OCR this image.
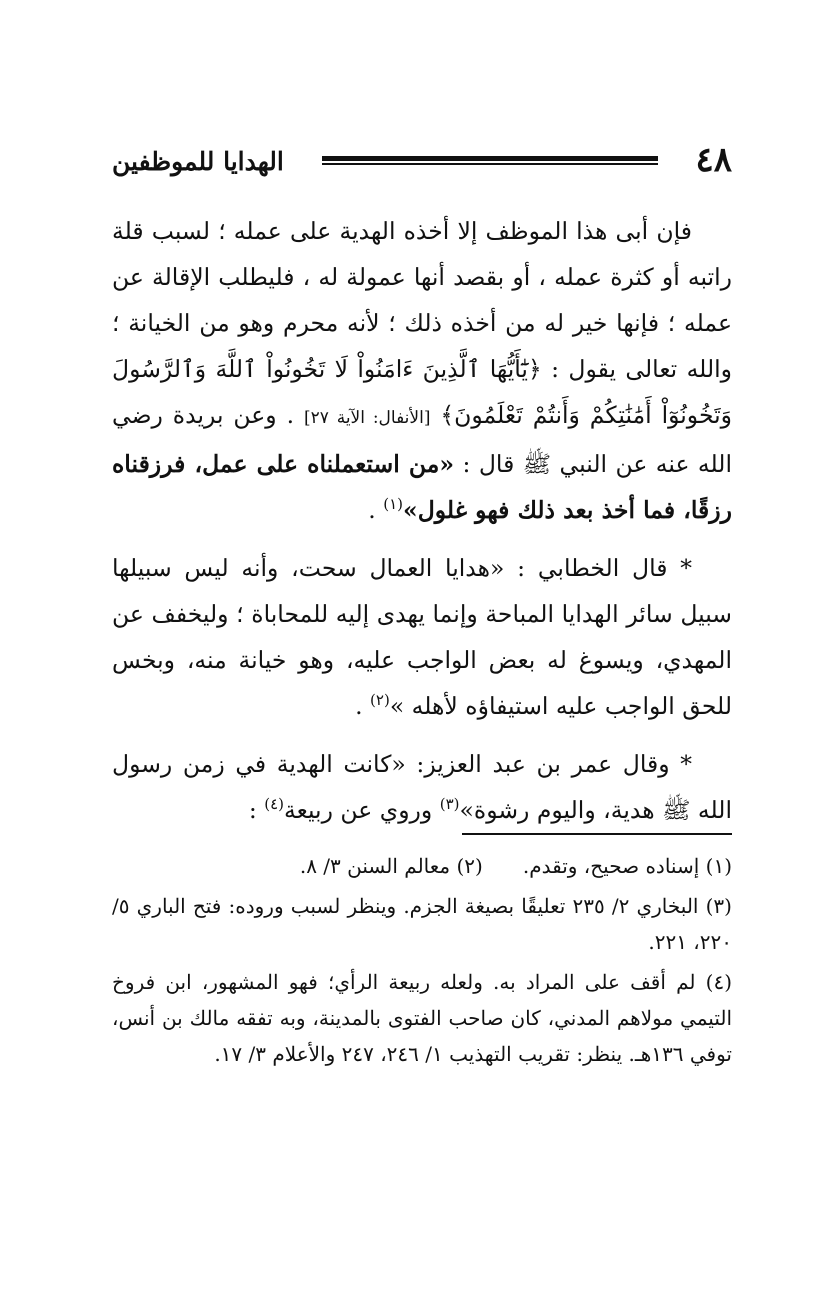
٤٨
الهدايا للموظفين

فإن أبى هذا الموظف إلا أخذه الهدية على عمله ؛ لسبب قلة راتبه أو كثرة عمله ، أو بقصد أنها عمولة له ، فليطلب الإقالة عن عمله ؛ فإنها خير له من أخذه ذلك ؛ لأنه محرم وهو من الخيانة ؛ والله تعالى يقول : ﴿يَٰٓأَيُّهَا ٱلَّذِينَ ءَامَنُواْ لَا تَخُونُواْ ٱللَّهَ وَٱلرَّسُولَ وَتَخُونُوٓاْ أَمَٰنَٰتِكُمْ وَأَنتُمْ تَعْلَمُونَ﴾ [الأنفال: الآية ٢٧] . وعن بريدة رضي الله عنه عن النبي ﷺ قال : «من استعملناه على عمل، فرزقناه رزقًا، فما أخذ بعد ذلك فهو غلول»$^{(١)}$ .

* قال الخطابي : «هدايا العمال سحت، وأنه ليس سبيلها سبيل سائر الهدايا المباحة وإنما يهدى إليه للمحاباة ؛ وليخفف عن المهدي، ويسوغ له بعض الواجب عليه، وهو خيانة منه، وبخس للحق الواجب عليه استيفاؤه لأهله »$^{(٢)}$ .

* وقال عمر بن عبد العزيز: «كانت الهدية في زمن رسول الله ﷺ هدية، واليوم رشوة»$^{(٣)}$ وروي عن ربيعة$^{(٤)}$ :

(١) إسناده صحيح، وتقدم.
(٢) معالم السنن ٣/ ٨.

(٣) البخاري ٢/ ٢٣٥ تعليقًا بصيغة الجزم. وينظر لسبب وروده: فتح الباري ٥/ ٢٢٠، ٢٢١.

(٤) لم أقف على المراد به. ولعله ربيعة الرأي؛ فهو المشهور، ابن فروخ التيمي مولاهم المدني، كان صاحب الفتوى بالمدينة، وبه تفقه مالك بن أنس، توفي ١٣٦هـ. ينظر: تقريب التهذيب ١/ ٢٤٦، ٢٤٧ والأعلام ٣/ ١٧.
